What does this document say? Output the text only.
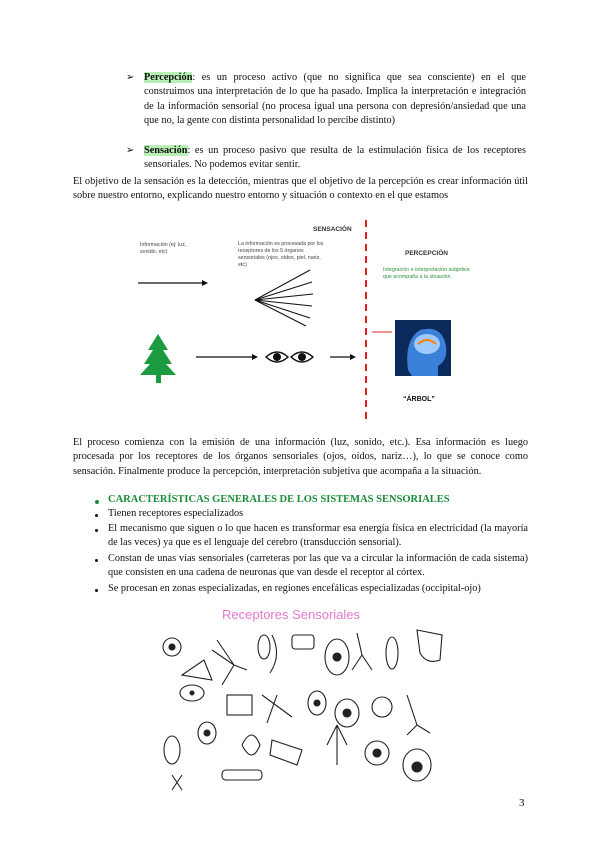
➢ Percepción: es un proceso activo (que no significa que sea consciente) en el que construimos una interpretación de lo que ha pasado. Implica la interpretación e integración de la información sensorial (no procesa igual una persona con depresión/ansiedad que una que no, la gente con distinta personalidad lo percibe distinto)
➢ Sensación: es un proceso pasivo que resulta de la estimulación física de los receptores sensoriales. No podemos evitar sentir.
El objetivo de la sensación es la detección, mientras que el objetivo de la percepción es crear información útil sobre nuestro entorno, explicando nuestro entorno y situación o contexto en el que estamos
SENSACIÓN
Información (ej: luz, sonido, etc)
La información es procesada por los receptores de los 5 órganos sensoriales (ojos, oídos, piel, nariz, etc)
PERCEPCIÓN
Integración e interpretación subjetiva que acompaña a la situación.
“ÁRBOL”
El proceso comienza con la emisión de una información (luz, sonido, etc.). Esa información es luego procesada por los receptores de los órganos sensoriales (ojos, oídos, nariz…), lo que se conoce como sensación. Finalmente produce la percepción, interpretación subjetiva que acompaña a la situación.
CARACTERÍSTICAS GENERALES DE LOS SISTEMAS SENSORIALES
Tienen receptores especializados
El mecanismo que siguen o lo que hacen es transformar esa energía física en electricidad (la mayoría de las veces) ya que es el lenguaje del cerebro (transducción sensorial).
Constan de unas vías sensoriales (carreteras por las que va a circular la información de cada sistema) que consisten en una cadena de neuronas que van desde el receptor al córtex.
Se procesan en zonas especializadas, en regiones encefálicas especializadas (occipital-ojo)
Receptores Sensoriales
3
